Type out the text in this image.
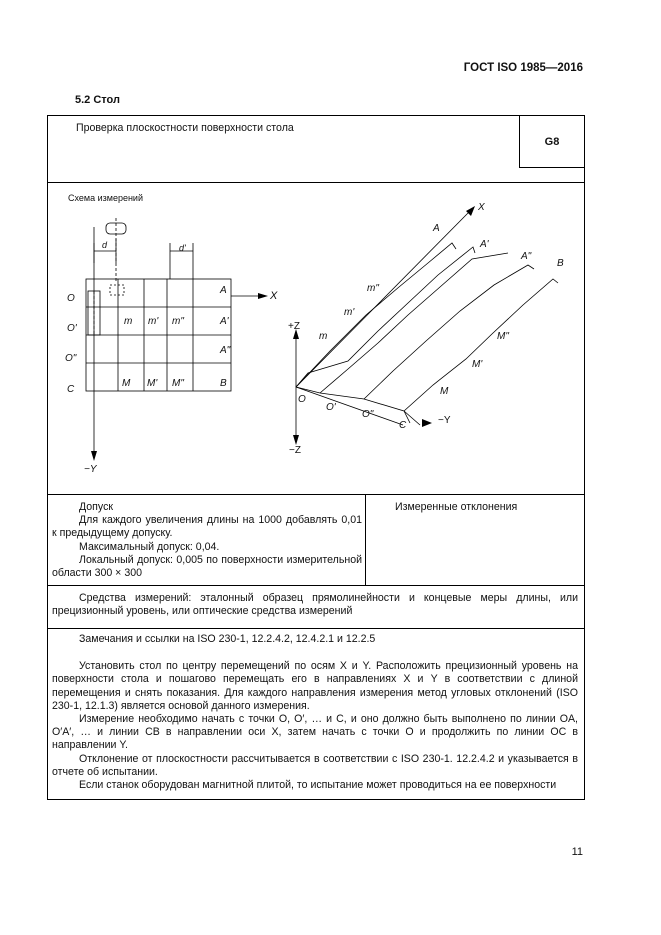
ГОСТ ISO 1985—2016
5.2 Стол
Проверка плоскостности поверхности стола
G8
Схема измерений
O
O'
O"
C
A
A'
A"
B
m m' m"
M M' M"
d	d'
X
−Y
X
A
A'
A"
B
m"
m'
m
+Z
−Z
M"
M'
M
O
O'
O"
C	−Y

Допуск

Для каждого увеличения длины на 1000 добавлять 0,01 к предыдущему допуску.

Максимальный допуск: 0,04.

Локальный допуск: 0,005 по поверхности измерительной области 300 × 300

Измеренные отклонения

Средства измерений: эталонный образец прямолинейности и концевые меры длины, или прецизионный уровень, или оптические средства измерений

Замечания и ссылки на ISO 230-1, 12.2.4.2, 12.4.2.1 и 12.2.5

Установить стол по центру перемещений по осям X и Y. Расположить прецизионный уровень на поверхности стола и пошагово перемещать его в направлениях X и Y в соответствии с длиной перемещения и снять показания. Для каждого направления измерения метод угловых отклонений (ISO 230-1, 12.1.3) является основой данного измерения.

Измерение необходимо начать с точки O, O′, … и C, и оно должно быть выполнено по линии OA, O′A′, … и линии CB в направлении оси X, затем начать с точки O и продолжить по линии OC в направлении Y.

Отклонение от плоскостности рассчитывается в соответствии с ISO 230-1. 12.2.4.2 и указывается в отчете об испытании.

Если станок оборудован магнитной плитой, то испытание может проводиться на ее поверхности

11
